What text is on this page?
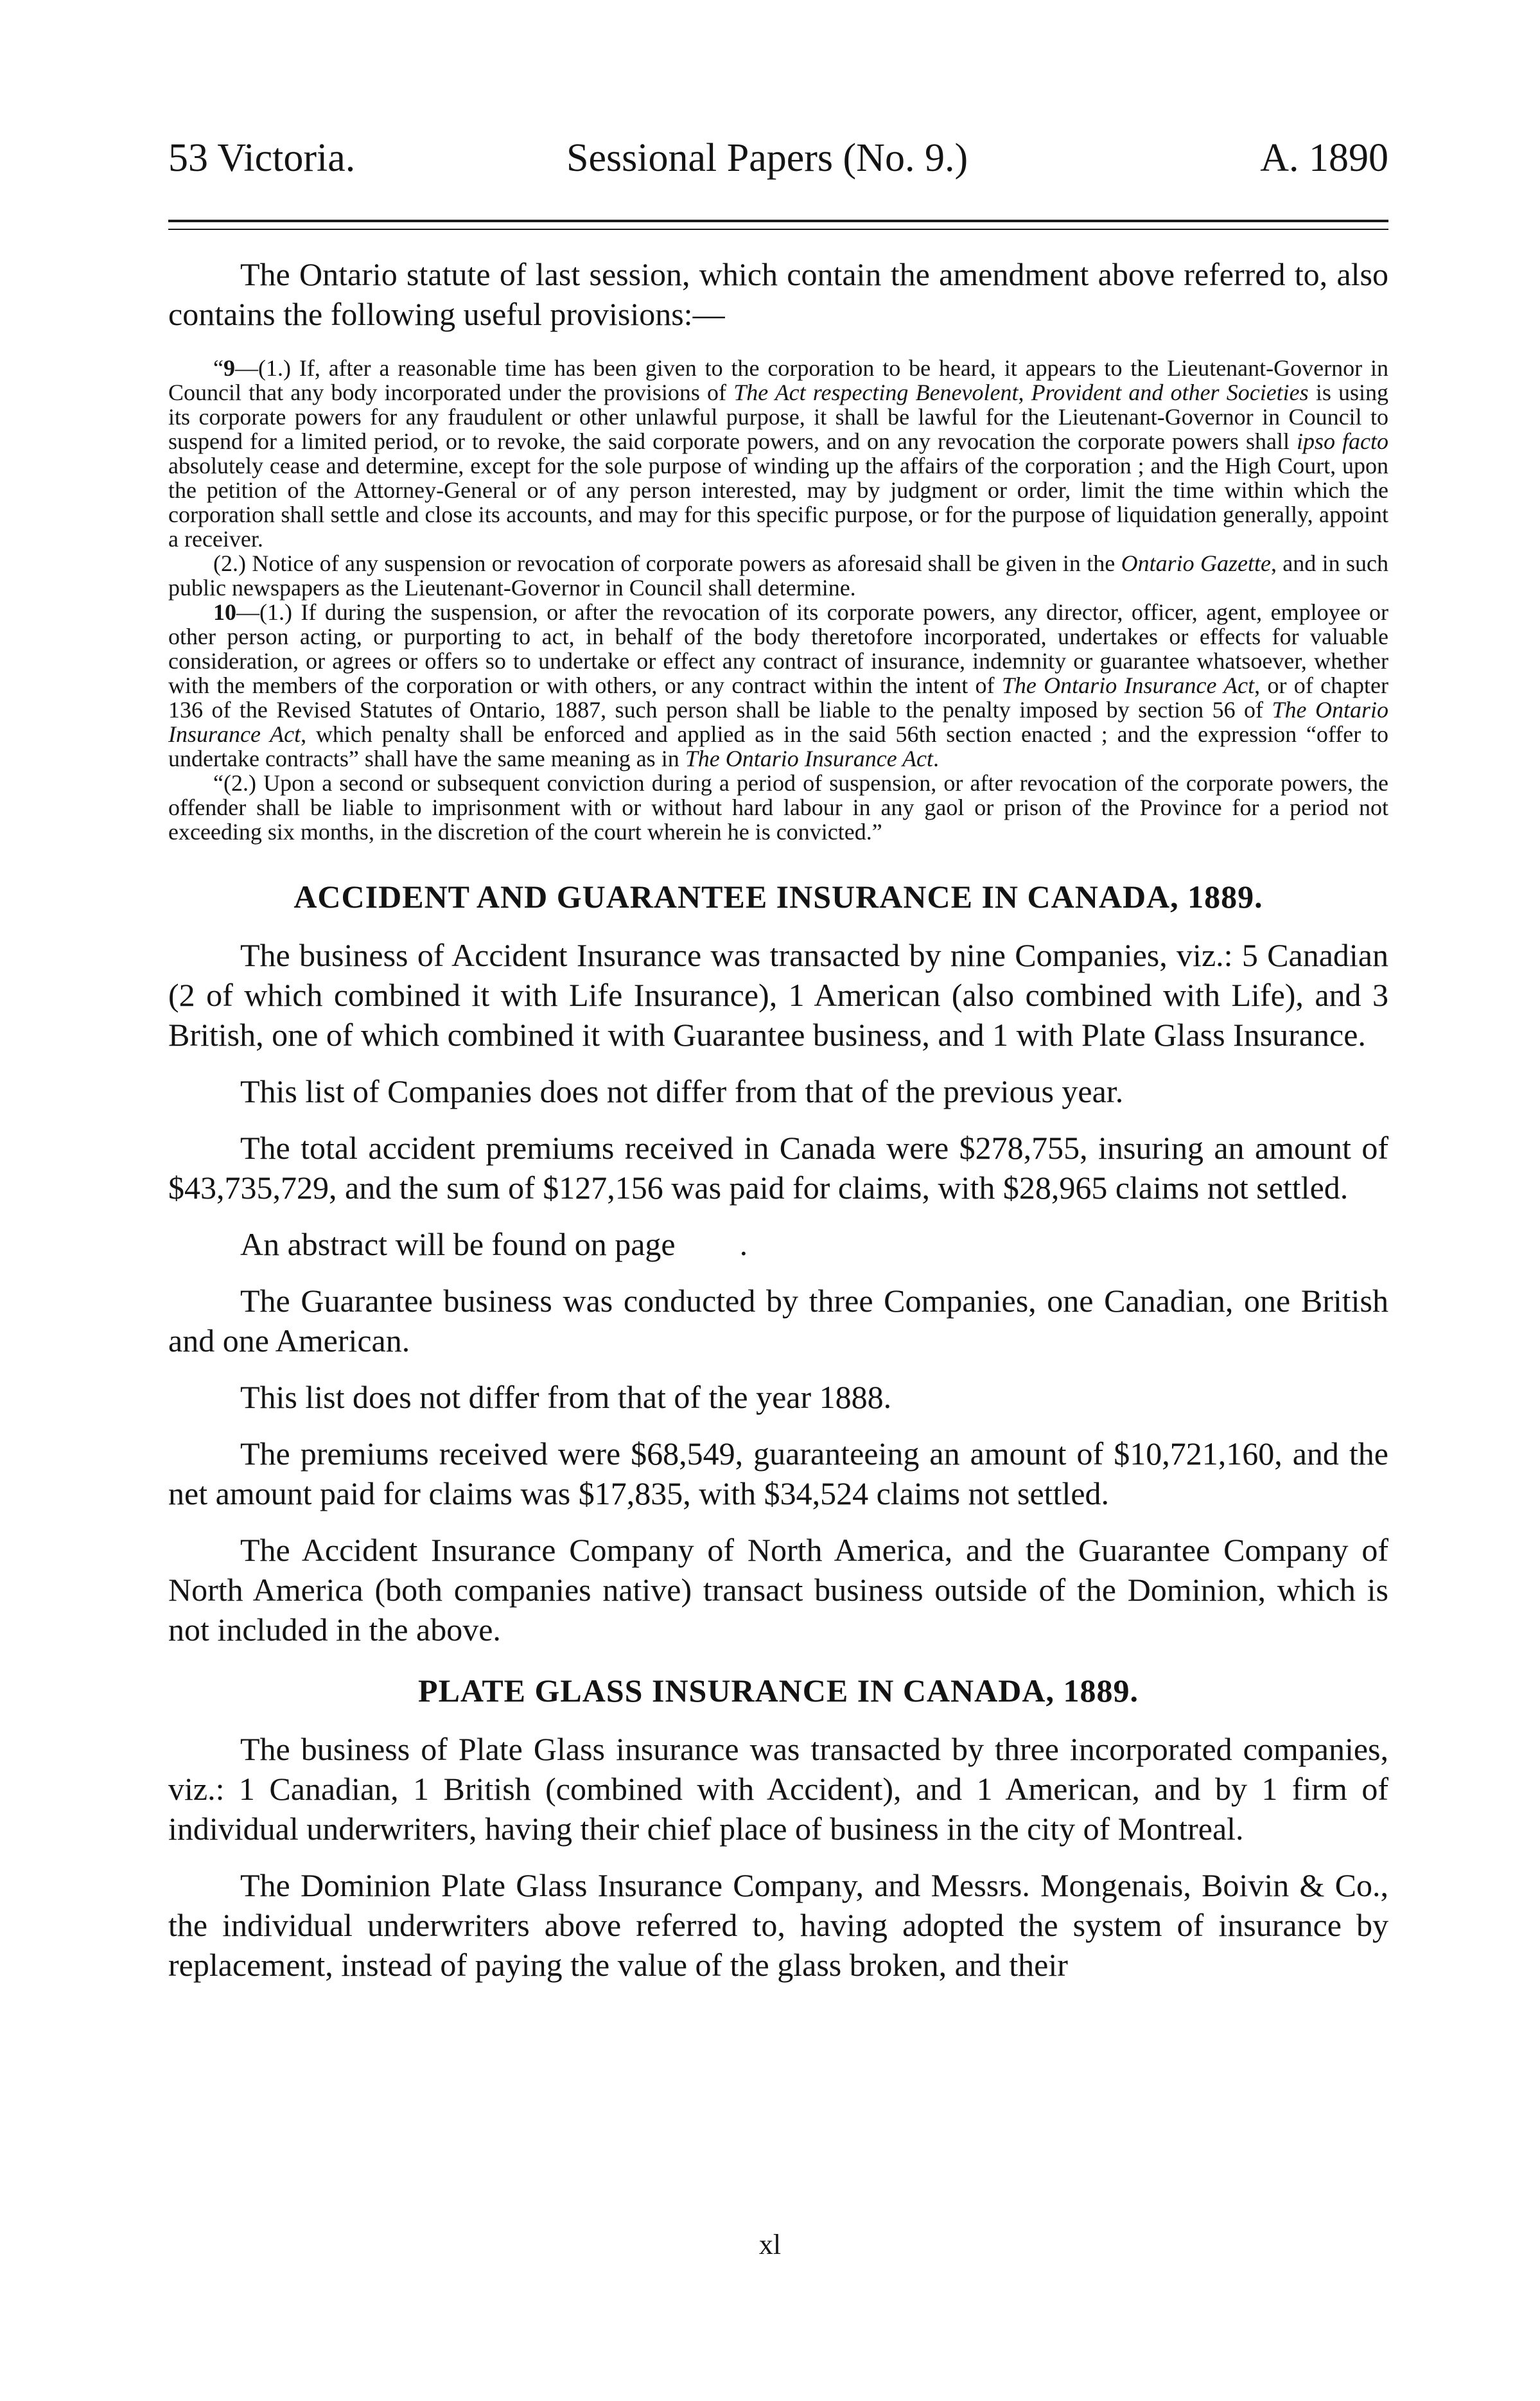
53 Victoria.	Sessional Papers (No. 9.)	A. 1890

The Ontario statute of last session, which contain the amendment above referred to, also contains the following useful provisions:—

“9—(1.) If, after a reasonable time has been given to the corporation to be heard, it appears to the Lieutenant-Governor in Council that any body incorporated under the provisions of The Act respecting Benevolent, Provident and other Societies is using its corporate powers for any fraudulent or other unlawful purpose, it shall be lawful for the Lieutenant-Governor in Council to suspend for a limited period, or to revoke, the said corporate powers, and on any revocation the corporate powers shall ipso facto absolutely cease and determine, except for the sole purpose of winding up the affairs of the corporation ; and the High Court, upon the petition of the Attorney-General or of any person interested, may by judgment or order, limit the time within which the corporation shall settle and close its accounts, and may for this specific purpose, or for the purpose of liquidation generally, appoint a receiver.

(2.) Notice of any suspension or revocation of corporate powers as aforesaid shall be given in the Ontario Gazette, and in such public newspapers as the Lieutenant-Governor in Council shall determine.

10—(1.) If during the suspension, or after the revocation of its corporate powers, any director, officer, agent, employee or other person acting, or purporting to act, in behalf of the body theretofore incorporated, undertakes or effects for valuable consideration, or agrees or offers so to undertake or effect any contract of insurance, indemnity or guarantee whatsoever, whether with the members of the corporation or with others, or any contract within the intent of The Ontario Insurance Act, or of chapter 136 of the Revised Statutes of Ontario, 1887, such person shall be liable to the penalty imposed by section 56 of The Ontario Insurance Act, which penalty shall be enforced and applied as in the said 56th section enacted ; and the expression “offer to undertake contracts” shall have the same meaning as in The Ontario Insurance Act.

“(2.) Upon a second or subsequent conviction during a period of suspension, or after revocation of the corporate powers, the offender shall be liable to imprisonment with or without hard labour in any gaol or prison of the Province for a period not exceeding six months, in the discretion of the court wherein he is convicted.”

ACCIDENT AND GUARANTEE INSURANCE IN CANADA, 1889.

The business of Accident Insurance was transacted by nine Companies, viz.: 5 Canadian (2 of which combined it with Life Insurance), 1 American (also combined with Life), and 3 British, one of which combined it with Guarantee business, and 1 with Plate Glass Insurance.

This list of Companies does not differ from that of the previous year.

The total accident premiums received in Canada were $278,755, insuring an amount of $43,735,729, and the sum of $127,156 was paid for claims, with $28,965 claims not settled.

An abstract will be found on page        .

The Guarantee business was conducted by three Companies, one Canadian, one British and one American.

This list does not differ from that of the year 1888.

The premiums received were $68,549, guaranteeing an amount of $10,721,160, and the net amount paid for claims was $17,835, with $34,524 claims not settled.

The Accident Insurance Company of North America, and the Guarantee Company of North America (both companies native) transact business outside of the Dominion, which is not included in the above.

PLATE GLASS INSURANCE IN CANADA, 1889.

The business of Plate Glass insurance was transacted by three incorporated companies, viz.: 1 Canadian, 1 British (combined with Accident), and 1 American, and by 1 firm of individual underwriters, having their chief place of business in the city of Montreal.

The Dominion Plate Glass Insurance Company, and Messrs. Mongenais, Boivin & Co., the individual underwriters above referred to, having adopted the system of insurance by replacement, instead of paying the value of the glass broken, and their

xl
